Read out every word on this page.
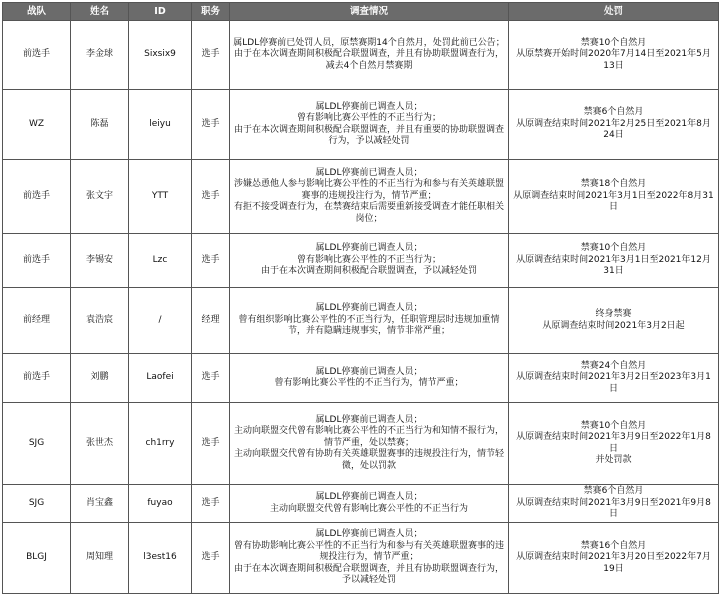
战队	姓名	ID	职务	调查情况	处罚
前选手	李金球	Sixsix9	选手	属LDL停赛前已处罚人员，原禁赛期14个自然月，处罚此前已公告；
由于在本次调查期间积极配合联盟调查，并且有协助联盟调查行为，减去4个自然月禁赛期	禁赛10个自然月
从原禁赛开始时间2020年7月14日至2021年5月13日

WZ	陈磊	leiyu	选手	属LDL停赛前已调查人员；
曾有影响比赛公平性的不正当行为；
由于在本次调查期间积极配合联盟调查，并且有重要的协助联盟调查行为，予以减轻处罚	禁赛6个自然月
从原调查结束时间2021年2月25日至2021年8月24日

前选手	张文宇	YTT	选手	属LDL停赛前已调查人员；
涉嫌怂恿他人参与影响比赛公平性的不正当行为和参与有关英雄联盟赛事的违规投注行为，情节严重；
有拒不接受调查行为，在禁赛结束后需要重新接受调查才能任职相关岗位；	禁赛18个自然月
从原调查结束时间2021年3月1日至2022年8月31日

前选手	李锡安	Lzc	选手	属LDL停赛前已调查人员；
曾有影响比赛公平性的不正当行为；
由于在本次调查期间积极配合联盟调查，予以减轻处罚	禁赛10个自然月
从原调查结束时间2021年3月1日至2021年12月31日

前经理	袁浩宸	/	经理	属LDL停赛前已调查人员；
曾有组织影响比赛公平性的不正当行为，任职管理层时违规加重情节，并有隐瞒违规事实，情节非常严重；	终身禁赛
从原调查结束时间2021年3月2日起

前选手	刘鹏	Laofei	选手	属LDL停赛前已调查人员；
曾有影响比赛公平性的不正当行为，情节严重；	禁赛24个自然月
从原调查结束时间2021年3月2日至2023年3月1日

SJG	张世杰	ch1rry	选手	属LDL停赛前已调查人员；
主动向联盟交代曾有影响比赛公平性的不正当行为和知情不报行为，情节严重，处以禁赛；
主动向联盟交代曾有协助有关英雄联盟赛事的违规投注行为，情节轻微，处以罚款	禁赛10个自然月
从原调查结束时间2021年3月9日至2022年1月8日
并处罚款

SJG	肖宝鑫	fuyao	选手	属LDL停赛前已调查人员；
主动向联盟交代曾有影响比赛公平性的不正当行为	禁赛6个自然月
从原调查结束时间2021年3月9日至2021年9月8日

BLGJ	周知理	l3est16	选手	属LDL停赛前已调查人员；
曾有协助影响比赛公平性的不正当行为和参与有关英雄联盟赛事的违规投注行为，情节严重；
由于在本次调查期间积极配合联盟调查，并且有协助联盟调查行为，予以减轻处罚	禁赛16个自然月
从原调查结束时间2021年3月20日至2022年7月19日
